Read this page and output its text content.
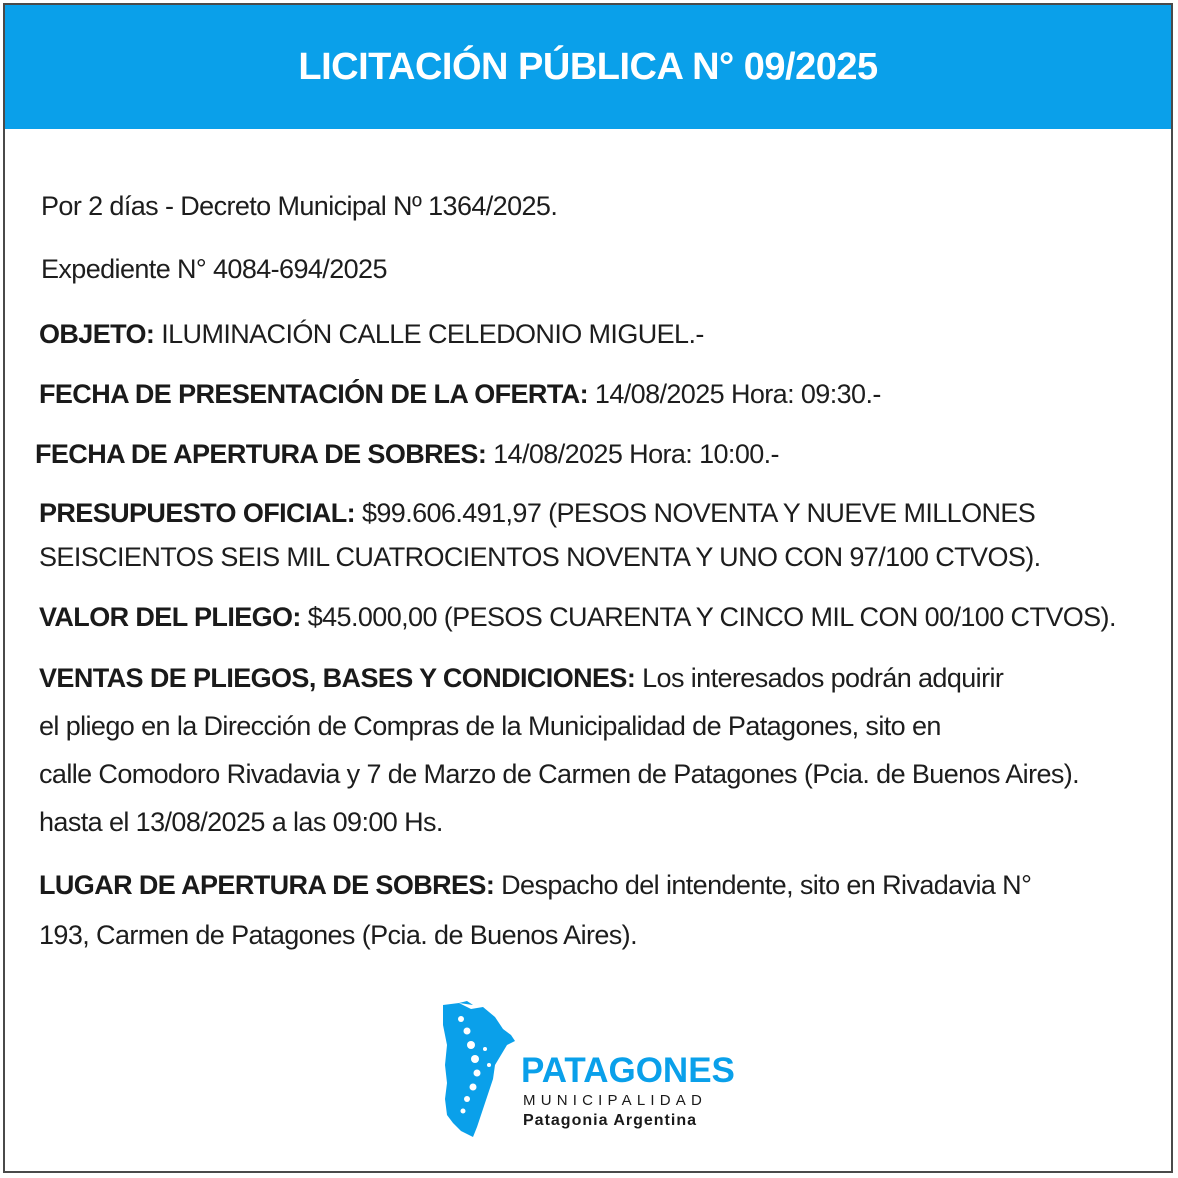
LICITACIÓN PÚBLICA N° 09/2025

Por 2 días - Decreto Municipal Nº 1364/2025.

Expediente N° 4084-694/2025

OBJETO: ILUMINACIÓN CALLE CELEDONIO MIGUEL.-

FECHA DE PRESENTACIÓN DE LA OFERTA: 14/08/2025 Hora: 09:30.-

FECHA DE APERTURA DE SOBRES: 14/08/2025 Hora: 10:00.-

PRESUPUESTO OFICIAL: $99.606.491,97 (PESOS NOVENTA Y NUEVE MILLONES
SEISCIENTOS SEIS MIL CUATROCIENTOS NOVENTA Y UNO CON 97/100 CTVOS).

VALOR DEL PLIEGO: $45.000,00 (PESOS CUARENTA Y CINCO MIL CON 00/100 CTVOS).

VENTAS DE PLIEGOS, BASES Y CONDICIONES: Los interesados podrán adquirir
el pliego en la Dirección de Compras de la Municipalidad de Patagones, sito en
calle Comodoro Rivadavia y 7 de Marzo de Carmen de Patagones (Pcia. de Buenos Aires).
hasta el 13/08/2025 a las 09:00 Hs.

LUGAR DE APERTURA DE SOBRES: Despacho del intendente, sito en Rivadavia N°
193, Carmen de Patagones (Pcia. de Buenos Aires).

PATAGONES
MUNICIPALIDAD
Patagonia Argentina
